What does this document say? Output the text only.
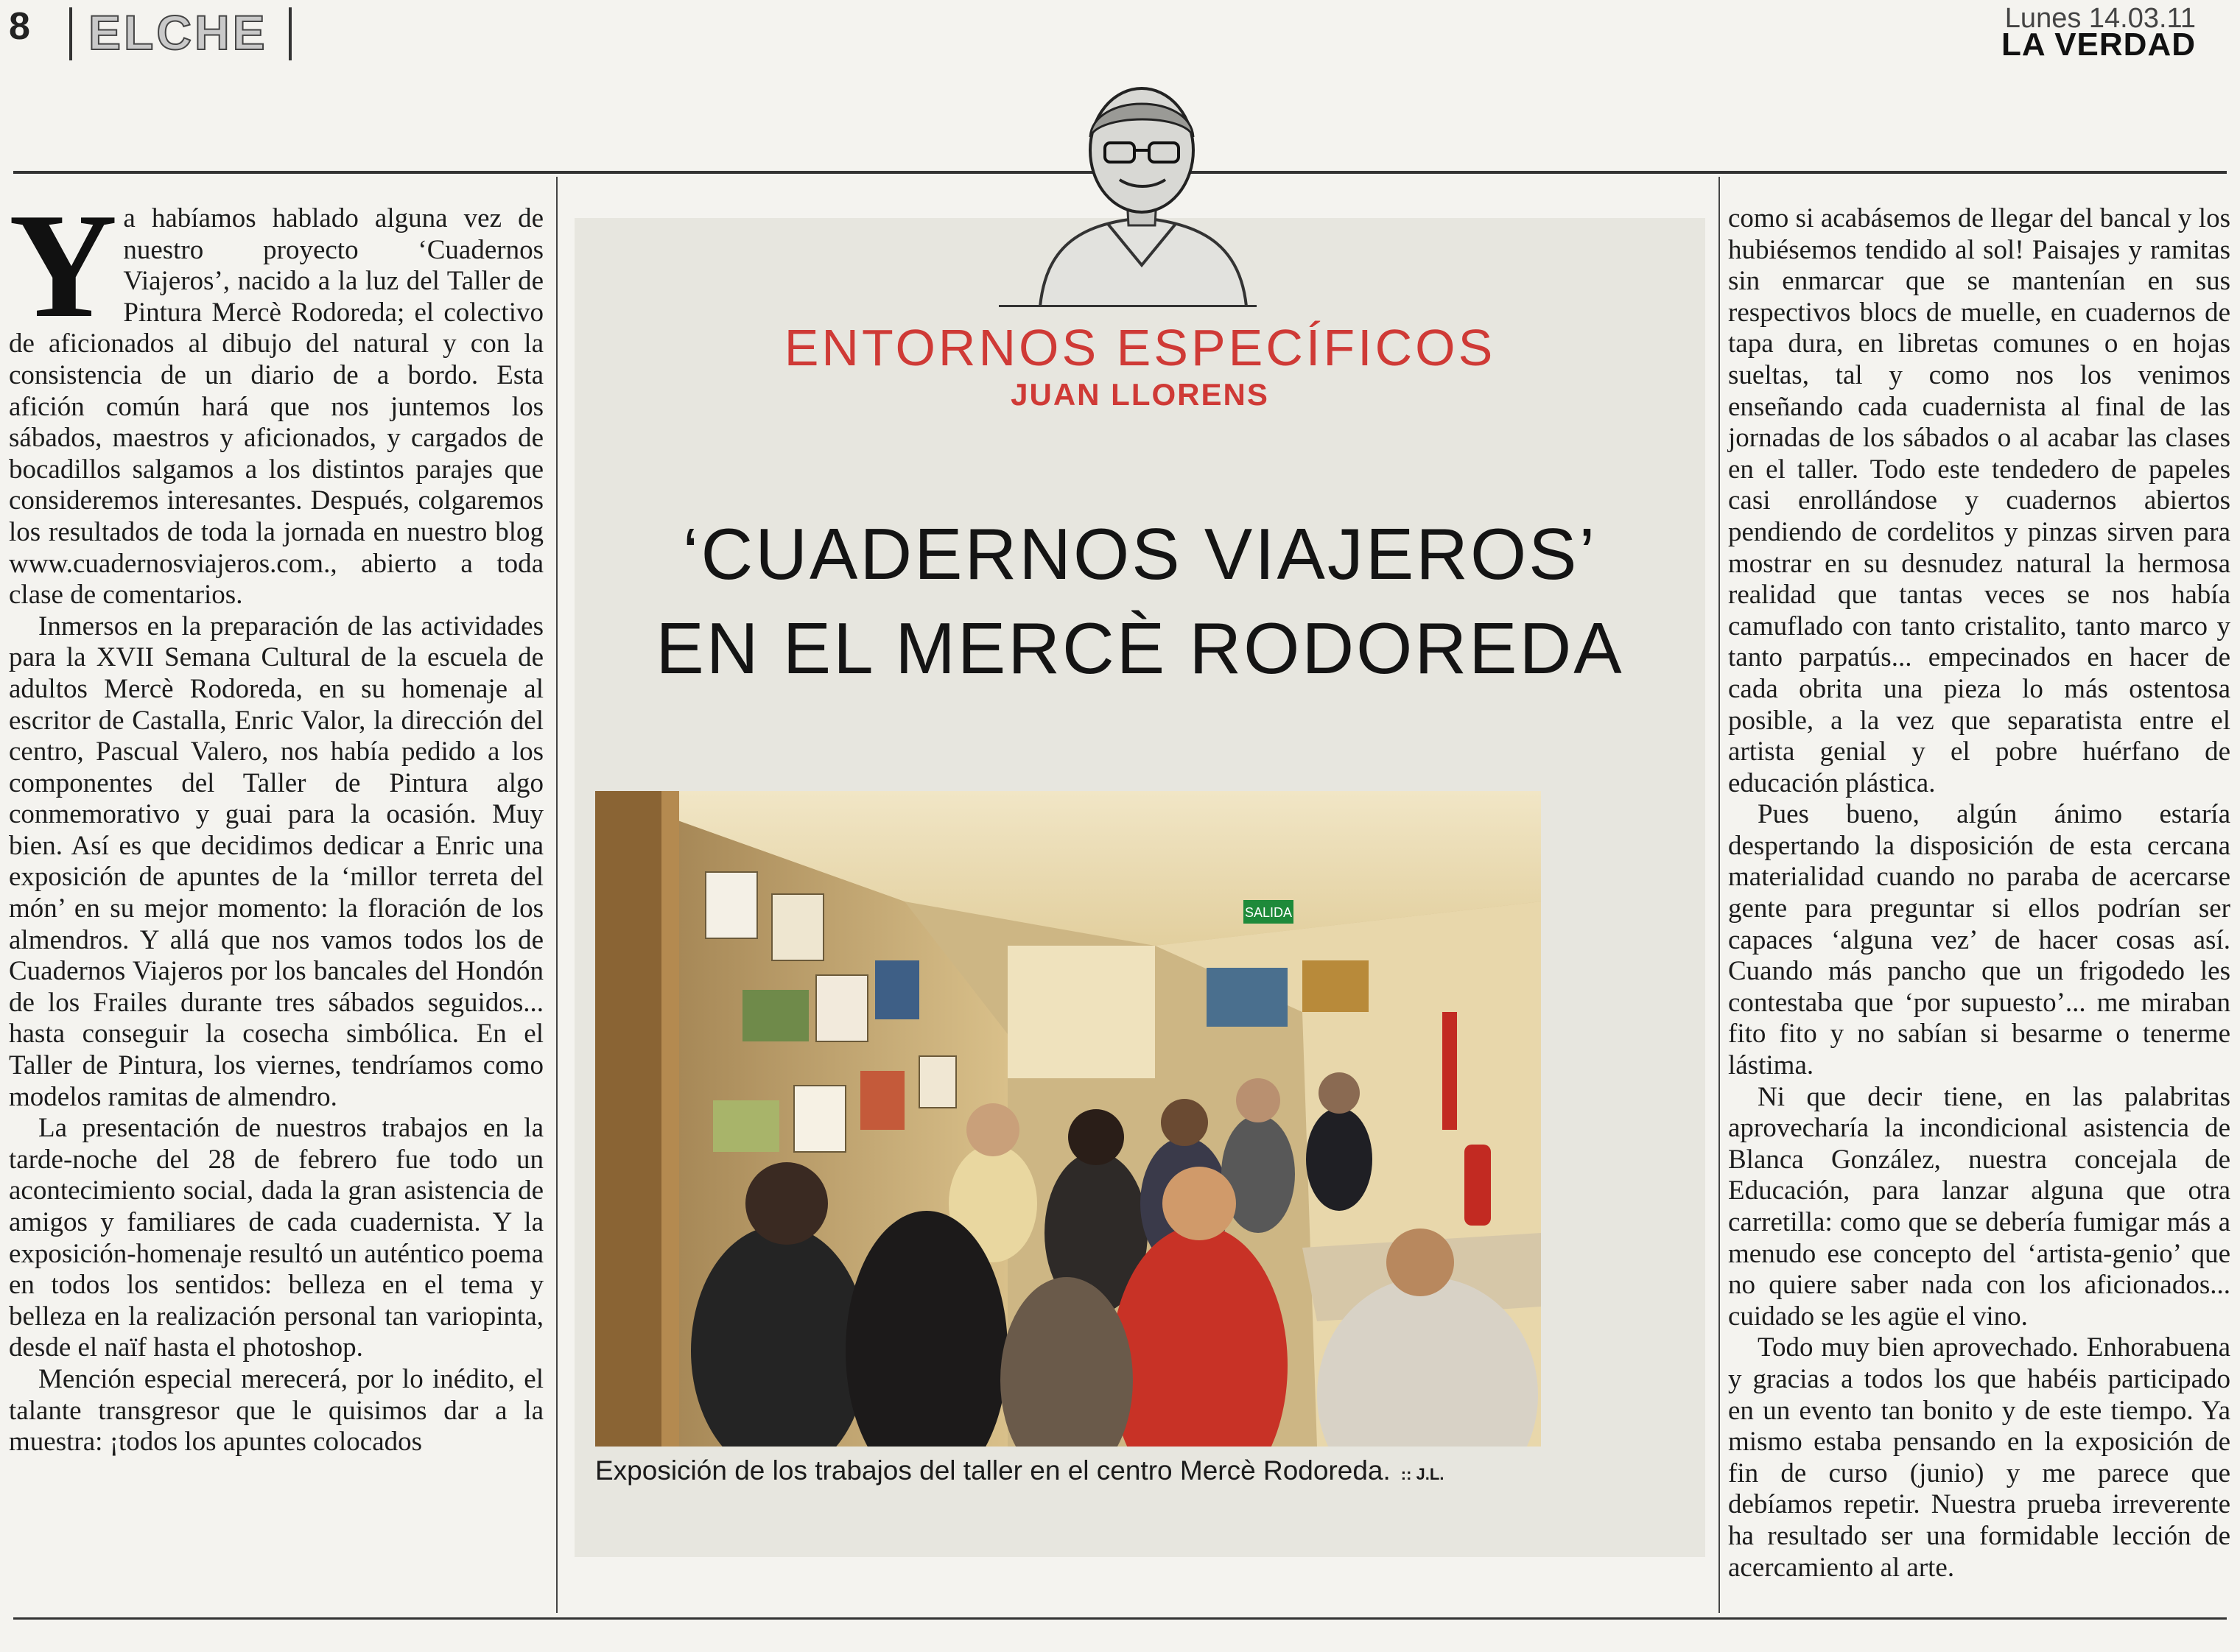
8 ELCHE	Lunes 14.03.11
LA VERDAD

Ya habíamos hablado alguna vez de nuestro proyecto ‘Cuadernos Viajeros’, nacido a la luz del Taller de Pintura Mercè Rodoreda; el colectivo de aficionados al dibujo del natural y con la consistencia de un diario de a bordo. Esta afición común hará que nos juntemos los sábados, maestros y aficionados, y cargados de bocadillos salgamos a los distintos parajes que consideremos interesantes. Después, colgaremos los resultados de toda la jornada en nuestro blog www.cuadernosviajeros.com., abierto a toda clase de comentarios.

Inmersos en la preparación de las actividades para la XVII Semana Cultural de la escuela de adultos Mercè Rodoreda, en su homenaje al escritor de Castalla, Enric Valor, la dirección del centro, Pascual Valero, nos había pedido a los componentes del Taller de Pintura algo conmemorativo y guai para la ocasión. Muy bien. Así es que decidimos dedicar a Enric una exposición de apuntes de la ‘millor terreta del món’ en su mejor momento: la floración de los almendros. Y allá que nos vamos todos los de Cuadernos Viajeros por los bancales del Hondón de los Frailes durante tres sábados seguidos... hasta conseguir la cosecha simbólica. En el Taller de Pintura, los viernes, tendríamos como modelos ramitas de almendro.

La presentación de nuestros trabajos en la tarde-noche del 28 de febrero fue todo un acontecimiento social, dada la gran asistencia de amigos y familiares de cada cuadernista. Y la exposición-homenaje resultó un auténtico poema en todos los sentidos: belleza en el tema y belleza en la realización personal tan variopinta, desde el naïf hasta el photoshop.

Mención especial merecerá, por lo inédito, el talante transgresor que le quisimos dar a la muestra: ¡todos los apuntes colocados

ENTORNOS ESPECÍFICOS
JUAN LLORENS
‘CUADERNOS VIAJEROS’
EN EL MERCÈ RODOREDA
SALIDA
Exposición de los trabajos del taller en el centro Mercè Rodoreda. :: J.L.

como si acabásemos de llegar del bancal y los hubiésemos tendido al sol! Paisajes y ramitas sin enmarcar que se mantenían en sus respectivos blocs de muelle, en cuadernos de tapa dura, en libretas comunes o en hojas sueltas, tal y como nos los venimos enseñando cada cuadernista al final de las jornadas de los sábados o al acabar las clases en el taller. Todo este tendedero de papeles casi enrollándose y cuadernos abiertos pendiendo de cordelitos y pinzas sirven para mostrar en su desnudez natural la hermosa realidad que tantas veces se nos había camuflado con tanto cristalito, tanto marco y tanto parpatús... empecinados en hacer de cada obrita una pieza lo más ostentosa posible, a la vez que separatista entre el artista genial y el pobre huérfano de educación plástica.

Pues bueno, algún ánimo estaría despertando la disposición de esta cercana materialidad cuando no paraba de acercarse gente para preguntar si ellos podrían ser capaces ‘alguna vez’ de hacer cosas así. Cuando más pancho que un frigodedo les contestaba que ‘por supuesto’... me miraban fito fito y no sabían si besarme o tenerme lástima.

Ni que decir tiene, en las palabritas aprovecharía la incondicional asistencia de Blanca González, nuestra concejala de Educación, para lanzar alguna que otra carretilla: como que se debería fumigar más a menudo ese concepto del ‘artista-genio’ que no quiere saber nada con los aficionados... cuidado se les agüe el vino.

Todo muy bien aprovechado. Enhorabuena y gracias a todos los que habéis participado en un evento tan bonito y de este tiempo. Ya mismo estaba pensando en la exposición de fin de curso (junio) y me parece que debíamos repetir. Nuestra prueba irreverente ha resultado ser una formidable lección de acercamiento al arte.
